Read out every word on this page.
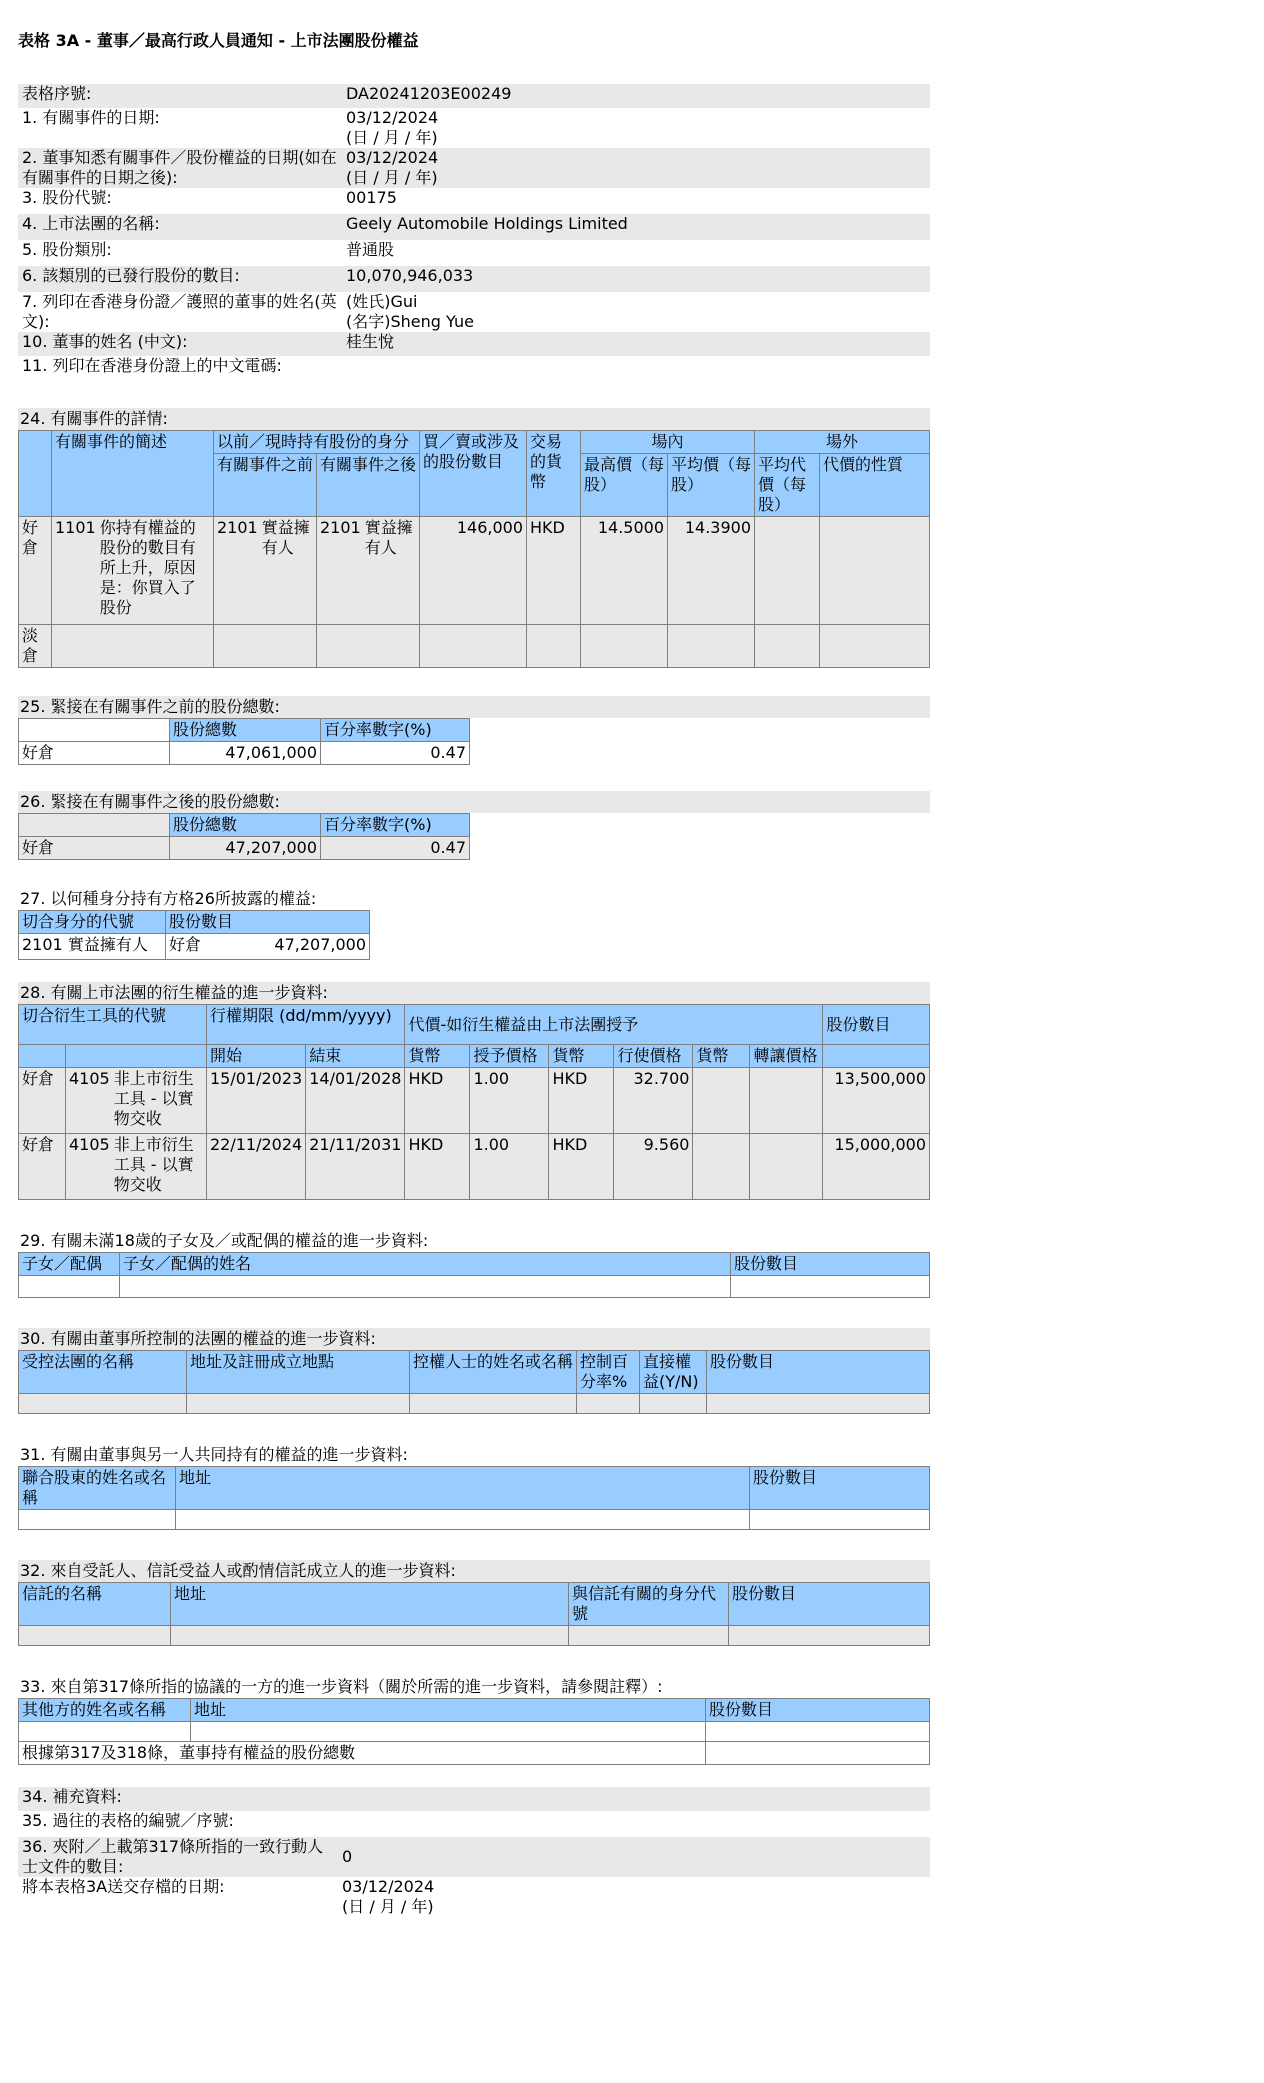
表格 3A - 董事／最高行政人員通知 - 上市法團股份權益
表格序號:	DA20241203E00249
1. 有關事件的日期:	03/12/2024
(日 / 月 / 年)

2. 董事知悉有關事件／股份權益的日期(如在有關事件的日期之後):	03/12/2024
(日 / 月 / 年)

3. 股份代號:	00175
4. 上市法團的名稱:	Geely Automobile Holdings Limited
5. 股份類別:	普通股
6. 該類別的已發行股份的數目:	10,070,946,033
7. 列印在香港身份證／護照的董事的姓名(英文):	(姓氏)Gui
(名字)Sheng Yue

10. 董事的姓名 (中文):	桂生悅
11. 列印在香港身份證上的中文電碼:	
24. 有關事件的詳情:
	有關事件的簡述	以前／現時持有股份的身分		買／賣或涉及的股份數目	交易的貨幣	場內		場外	
		有關事件之前	有關事件之後			最高價（每股）	平均價（每股）	平均代價（每股）	代價的性質
好倉	1101 你持有權益的股份的數目有所上升，原因是：你買入了股份	2101 實益擁有人	2101 實益擁有人	146,000	HKD	14.5000	14.3900		
淡倉									
25. 緊接在有關事件之前的股份總數:
	股份總數	百分率數字(%)
好倉	47,061,000	0.47
26. 緊接在有關事件之後的股份總數:
	股份總數	百分率數字(%)
好倉	47,207,000	0.47
27. 以何種身分持有方格26所披露的權益:
切合身分的代號	股份數目
2101 實益擁有人	好倉 47,207,000
28. 有關上市法團的衍生權益的進一步資料:
切合衍生工具的代號		行權期限 (dd/mm/yyyy)		代價-如衍生權益由上市法團授予						股份數目
		開始	結束	貨幣	授予價格	貨幣	行使價格	貨幣	轉讓價格	
好倉	4105 非上市衍生工具 - 以實物交收	15/01/2023	14/01/2028	HKD	1.00	HKD	32.700			13,500,000
好倉	4105 非上市衍生工具 - 以實物交收	22/11/2024	21/11/2031	HKD	1.00	HKD	9.560			15,000,000
29. 有關未滿18歲的子女及／或配偶的權益的進一步資料:
子女／配偶	子女／配偶的姓名	股份數目

30. 有關由董事所控制的法團的權益的進一步資料:
受控法團的名稱	地址及註冊成立地點	控權人士的姓名或名稱	控制百分率%	直接權益(Y/N)	股份數目

31. 有關由董事與另一人共同持有的權益的進一步資料:
聯合股東的姓名或名稱	地址	股份數目

32. 來自受託人、信託受益人或酌情信託成立人的進一步資料:
信託的名稱	地址	與信託有關的身分代號	股份數目

33. 來自第317條所指的協議的一方的進一步資料（關於所需的進一步資料，請參閱註釋）:
其他方的姓名或名稱	地址	股份數目

根據第317及318條，董事持有權益的股份總數		
34. 補充資料:	
35. 過往的表格的編號／序號:	
36. 夾附／上載第317條所指的一致行動人士文件的數目:	0
將本表格3A送交存檔的日期:	03/12/2024
(日 / 月 / 年)
